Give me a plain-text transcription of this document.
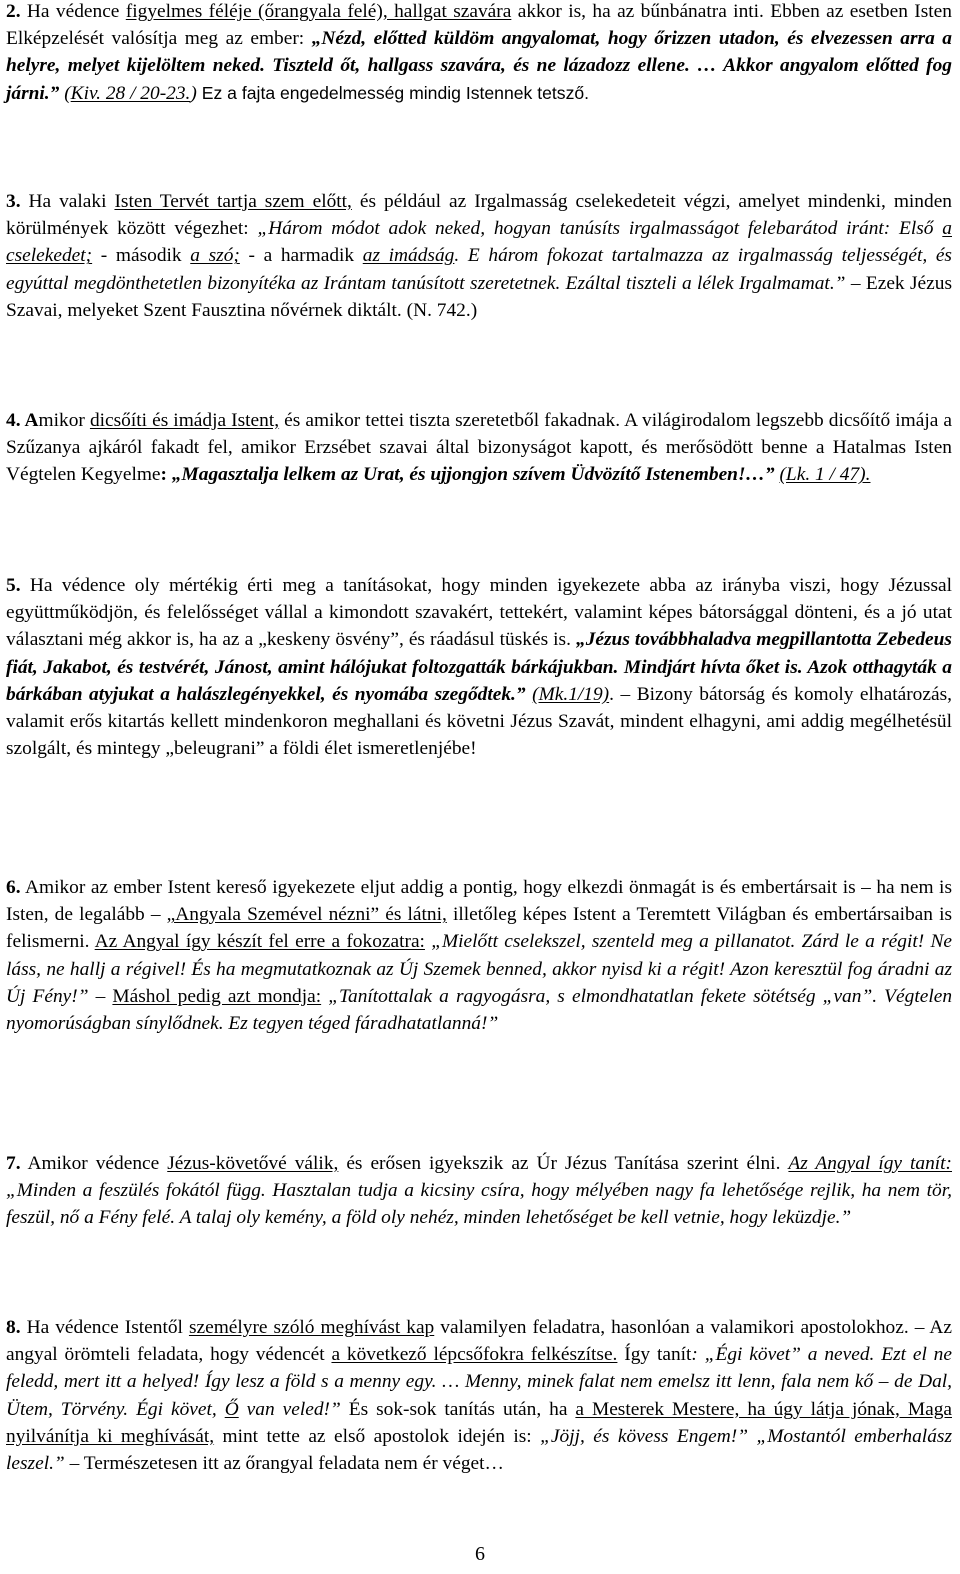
2. Ha védence figyelmes féléje (őrangyala felé), hallgat szavára akkor is, ha az bűnbánatra inti. Ebben az esetben Isten Elképzelését valósítja meg az ember: „Nézd, előtted küldöm angyalomat, hogy őrizzen utadon, és elvezessen arra a helyre, melyet kijelöltem neked. Tiszteld őt, hallgass szavára, és ne lázadozz ellene. … Akkor angyalom előtted fog járni.” (Kiv. 28 / 20-23.) Ez a fajta engedelmesség mindig Istennek tetsző.

3. Ha valaki Isten Tervét tartja szem előtt, és például az Irgalmasság cselekedeteit végzi, amelyet mindenki, minden körülmények között végezhet: „Három módot adok neked, hogyan tanúsíts irgalmasságot felebarátod iránt: Első a cselekedet; - második a szó; - a harmadik az imádság. E három fokozat tartalmazza az irgalmasság teljességét, és egyúttal megdönthetetlen bizonyítéka az Irántam tanúsított szeretetnek. Ezáltal tiszteli a lélek Irgalmamat.” – Ezek Jézus Szavai, melyeket Szent Fausztina nővérnek diktált. (N. 742.)

4. Amikor dicsőíti és imádja Istent, és amikor tettei tiszta szeretetből fakadnak. A világirodalom legszebb dicsőítő imája a Szűzanya ajkáról fakadt fel, amikor Erzsébet szavai által bizonyságot kapott, és merősödött benne a Hatalmas Isten Végtelen Kegyelme: „Magasztalja lelkem az Urat, és ujjongjon szívem Üdvözítő Istenemben!…” (Lk. 1 / 47).

5. Ha védence oly mértékig érti meg a tanításokat, hogy minden igyekezete abba az irányba viszi, hogy Jézussal együttműködjön, és felelősséget vállal a kimondott szavakért, tettekért, valamint képes bátorsággal dönteni, és a jó utat választani még akkor is, ha az a „keskeny ösvény”, és ráadásul tüskés is. „Jézus továbbhaladva megpillantotta Zebedeus fiát, Jakabot, és testvérét, Jánost, amint hálójukat foltozgatták bárkájukban. Mindjárt hívta őket is. Azok otthagyták a bárkában atyjukat a halászlegényekkel, és nyomába szegődtek.” (Mk.1/19). – Bizony bátorság és komoly elhatározás, valamit erős kitartás kellett mindenkoron meghallani és követni Jézus Szavát, mindent elhagyni, ami addig megélhetésül szolgált, és mintegy „beleugrani” a földi élet ismeretlenjébe!

6. Amikor az ember Istent kereső igyekezete eljut addig a pontig, hogy elkezdi önmagát is és embertársait is – ha nem is Isten, de legalább – „Angyala Szemével nézni” és látni, illetőleg képes Istent a Teremtett Világban és embertársaiban is felismerni. Az Angyal így készít fel erre a fokozatra: „Mielőtt cselekszel, szenteld meg a pillanatot. Zárd le a régit! Ne láss, ne hallj a régivel! És ha megmutatkoznak az Új Szemek benned, akkor nyisd ki a régit! Azon keresztül fog áradni az Új Fény!” – Máshol pedig azt mondja: „Tanítottalak a ragyogásra, s elmondhatatlan fekete sötétség „van”. Végtelen nyomorúságban sínylődnek. Ez tegyen téged fáradhatatlanná!”

7. Amikor védence Jézus-követővé válik, és erősen igyekszik az Úr Jézus Tanítása szerint élni. Az Angyal így tanít: „Minden a feszülés fokától függ. Hasztalan tudja a kicsiny csíra, hogy mélyében nagy fa lehetősége rejlik, ha nem tör, feszül, nő a Fény felé. A talaj oly kemény, a föld oly nehéz, minden lehetőséget be kell vetnie, hogy leküzdje.”

8. Ha védence Istentől személyre szóló meghívást kap valamilyen feladatra, hasonlóan a valamikori apostolokhoz. – Az angyal örömteli feladata, hogy védencét a következő lépcsőfokra felkészítse. Így tanít: „Égi követ” a neved. Ezt el ne feledd, mert itt a helyed! Így lesz a föld s a menny egy. … Menny, minek falat nem emelsz itt lenn, fala nem kő – de Dal, Ütem, Törvény. Égi követ, Ő van veled!” És sok-sok tanítás után, ha a Mesterek Mestere, ha úgy látja jónak, Maga nyilvánítja ki meghívását, mint tette az első apostolok idején is: „Jöjj, és kövess Engem!” „Mostantól emberhalász leszel.” – Természetesen itt az őrangyal feladata nem ér véget…

6
